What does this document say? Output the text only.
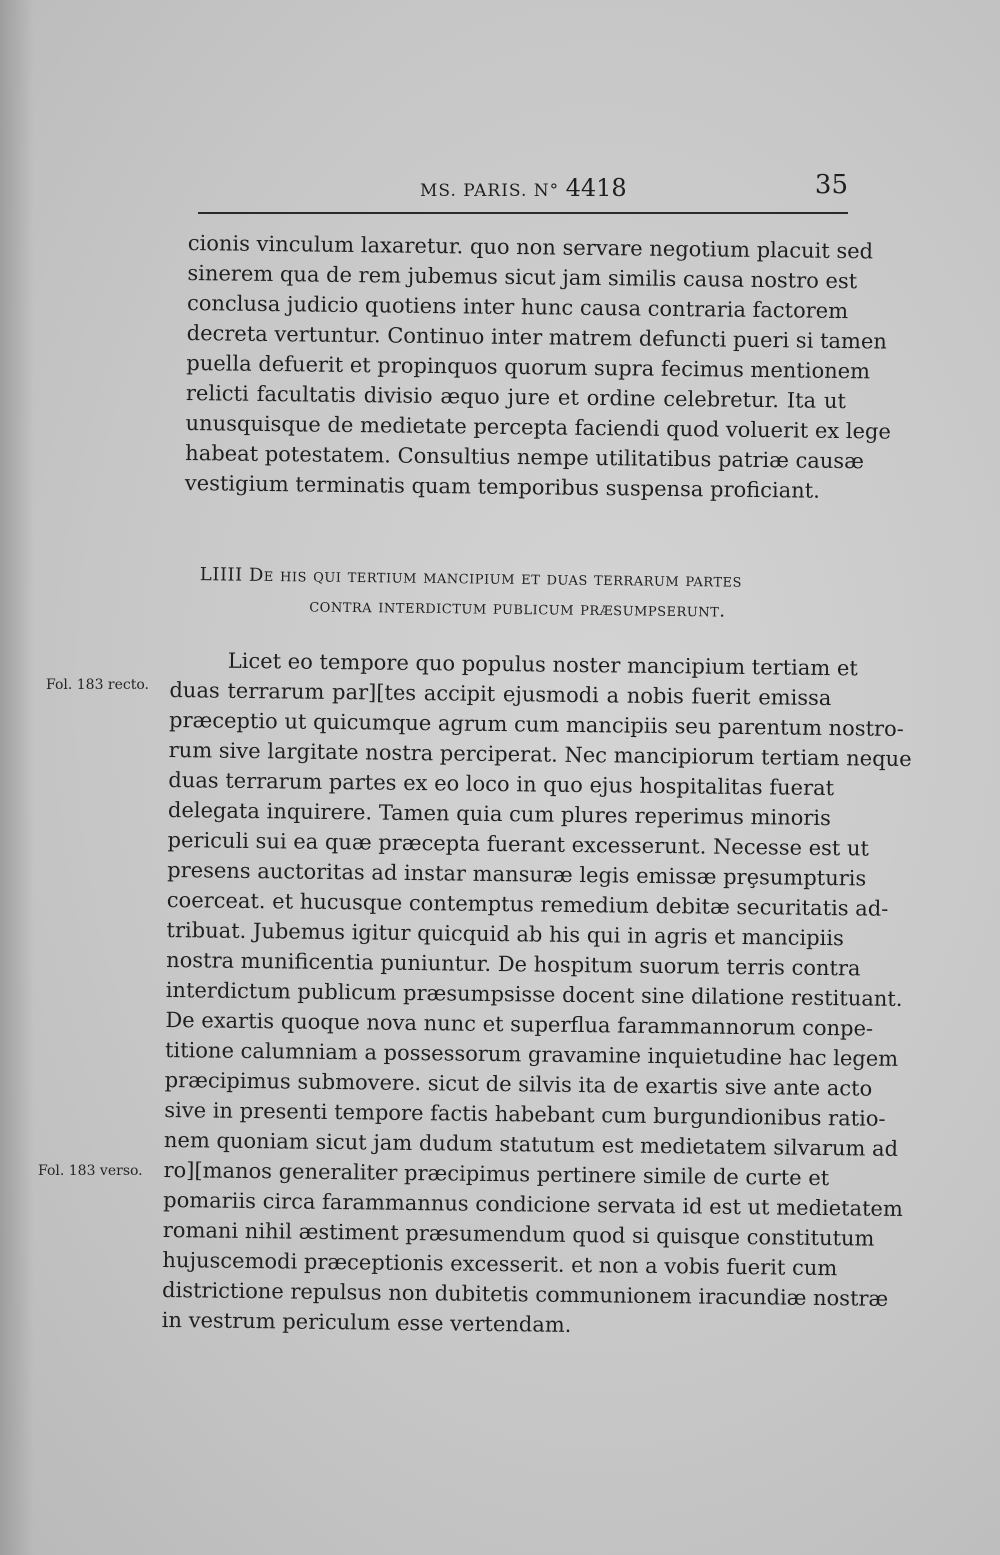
MS. PARIS. N° 4418	35
cionis vinculum laxaretur. quo non servare negotium placuit sed
sinerem qua de rem jubemus sicut jam similis causa nostro est
conclusa judicio quotiens inter hunc causa contraria factorem
decreta vertuntur. Continuo inter matrem defuncti pueri si tamen
puella defuerit et propinquos quorum supra fecimus mentionem
relicti facultatis divisio æquo jure et ordine celebretur. Ita ut
unusquisque de medietate percepta faciendi quod voluerit ex lege
habeat potestatem. Consultius nempe utilitatibus patriæ causæ
vestigium terminatis quam temporibus suspensa proficiant.
LIIII De his qui tertium mancipium et duas terrarum partes
contra interdictum publicum præsumpserunt.
Fol. 183 recto.
Fol. 183 verso.
Licet eo tempore quo populus noster mancipium tertiam et
duas terrarum par][tes accipit ejusmodi a nobis fuerit emissa
præceptio ut quicumque agrum cum mancipiis seu parentum nostro-
rum sive largitate nostra perciperat. Nec mancipiorum tertiam neque
duas terrarum partes ex eo loco in quo ejus hospitalitas fuerat
delegata inquirere. Tamen quia cum plures reperimus minoris
periculi sui ea quæ præcepta fuerant excesserunt. Necesse est ut
presens auctoritas ad instar mansuræ legis emissæ prȩsumpturis
coerceat. et hucusque contemptus remedium debitæ securitatis ad-
tribuat. Jubemus igitur quicquid ab his qui in agris et mancipiis
nostra munificentia puniuntur. De hospitum suorum terris contra
interdictum publicum præsumpsisse docent sine dilatione restituant.
De exartis quoque nova nunc et superflua farammannorum conpe-
titione calumniam a possessorum gravamine inquietudine hac legem
præcipimus submovere. sicut de silvis ita de exartis sive ante acto
sive in presenti tempore factis habebant cum burgundionibus ratio-
nem quoniam sicut jam dudum statutum est medietatem silvarum ad
ro][manos generaliter præcipimus pertinere simile de curte et
pomariis circa farammannus condicione servata id est ut medietatem
romani nihil æstiment præsumendum quod si quisque constitutum
hujuscemodi præceptionis excesserit. et non a vobis fuerit cum
districtione repulsus non dubitetis communionem iracundiæ nostræ
in vestrum periculum esse vertendam.
